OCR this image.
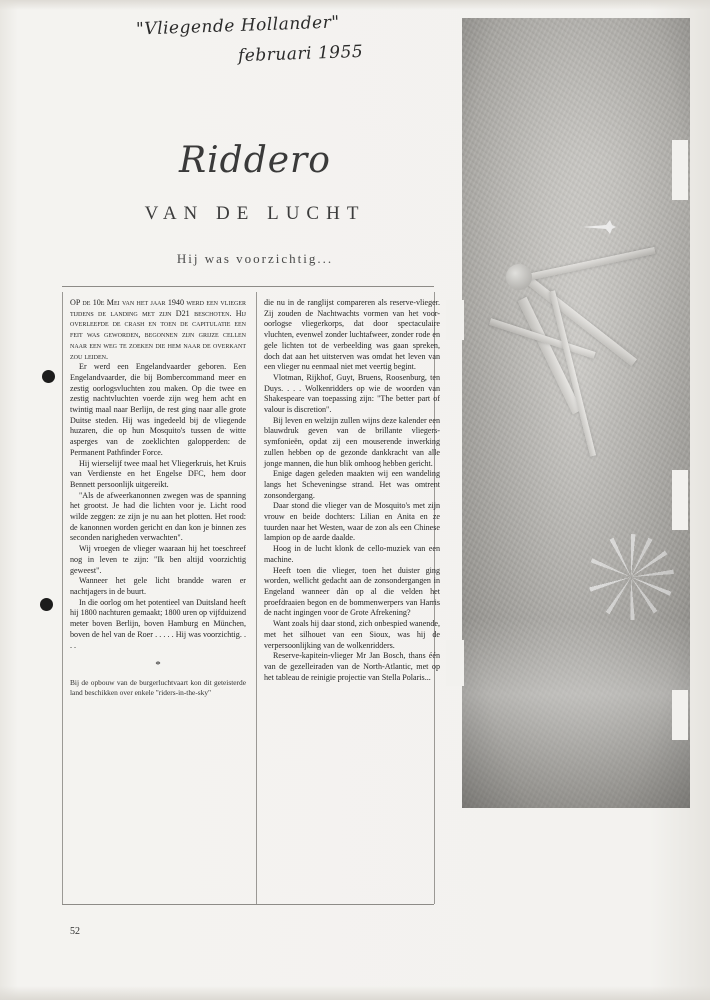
"Vliegende Hollander"
februari 1955
Riddero
VAN DE LUCHT
Hij was voorzichtig...

OP de 10e Mei van het jaar 1940 werd een vlieger tijdens de landing met zijn D21 beschoten. Hij overleefde de crash en toen de capitulatie een feit was geworden, begonnen zijn grijze cellen naar een weg te zoeken die hem naar de overkant zou leiden.

Er werd een Engelandvaarder geboren. Een Engelandvaarder, die bij Bombercommand meer en zestig oorlogsvluchten zou maken. Op die twee en zestig nachtvluchten voerde zijn weg hem acht en twintig maal naar Berlijn, de rest ging naar alle grote Duitse steden. Hij was ingedeeld bij de vliegende huzaren, die op hun Mosquito's tussen de witte asperges van de zoeklichten galopperden: de Permanent Pathfinder Force.

Hij wierselijf twee maal het Vliegerkruis, het Kruis van Verdienste en het Engelse DFC, hem door Bennett persoonlijk uitgereikt.

"Als de afweerkanonnen zwegen was de spanning het grootst. Je had die lichten voor je. Licht rood wilde zeggen: ze zijn je nu aan het plotten. Het rood: de kanonnen worden gericht en dan kon je binnen zes seconden narigheden verwachten".

Wij vroegen de vlieger waaraan hij het toeschreef nog in leven te zijn: "Ik ben altijd voorzichtig geweest".

Wanneer het gele licht brandde waren er nachtjagers in de buurt.

In die oorlog om het potentieel van Duitsland heeft hij 1800 nachturen gemaakt; 1800 uren op vijfduizend meter boven Berlijn, boven Hamburg en München, boven de hel van de Roer . . . . . Hij was voorzichtig. . . .

*

Bij de opbouw van de burgerluchtvaart kon dit geteisterde land beschikken over enkele "riders-in-the-sky"

die nu in de ranglijst compareren als reserve-vlieger. Zij zouden de Nachtwachts vormen van het voor-oorlogse vliegerkorps, dat door spectaculaire vluchten, evenwel zonder luchtafweer, zonder rode en gele lichten tot de verbeelding was gaan spreken, doch dat aan het uitsterven was omdat het leven van een vlieger nu eenmaal niet met veertig begint.

Vlotman, Rijkhof, Guyt, Bruens, Roosenburg, ten Duys. . . . Wolkenridders op wie de woorden van Shakespeare van toepassing zijn: "The better part of valour is discretion".

Bij leven en welzijn zullen wijns deze kalender een blauwdruk geven van de brillante vliegers-symfonieën, opdat zij een mouserende inwerking zullen hebben op de gezonde dankkracht van alle jonge mannen, die hun blik omhoog hebben gericht.

Enige dagen geleden maakten wij een wandeling langs het Scheveningse strand. Het was omtrent zonsondergang.

Daar stond die vlieger van de Mosquito's met zijn vrouw en beide dochters: Lilian en Anita en ze tuurden naar het Westen, waar de zon als een Chinese lampion op de aarde daalde.

Hoog in de lucht klonk de cello-muziek van een machine.

Heeft toen die vlieger, toen het duister ging worden, wellicht gedacht aan de zonsondergangen in Engeland wanneer dàn op al die velden het proefdraaien begon en de bommenwerpers van Harris de nacht ingingen voor de Grote Afrekening?

Want zoals hij daar stond, zich onbespied wanende, met het silhouet van een Sioux, was hij de verpersoonlijking van de wolkenridders.

Reserve-kapitein-vlieger Mr Jan Bosch, thans één van de gezelleiraden van de North-Atlantic, met op het tableau de reinigie projectie van Stella Polaris...

52
